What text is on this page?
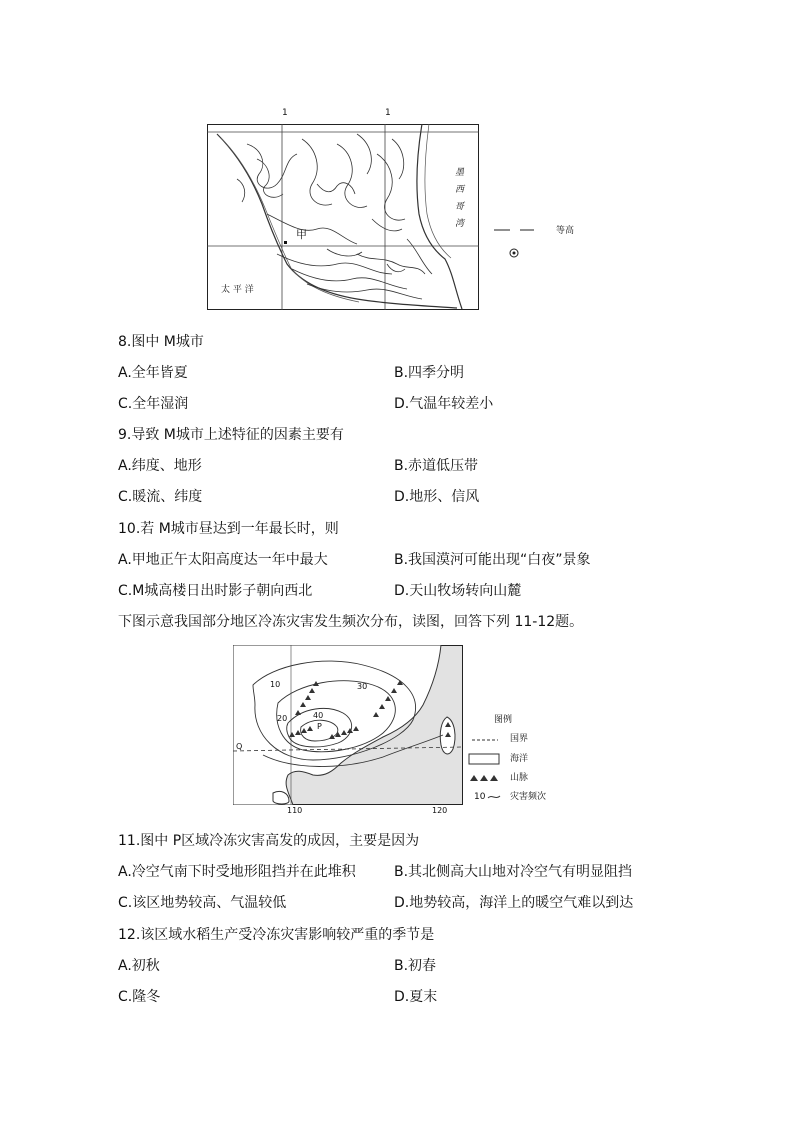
1	1
甲
太 平 洋
墨 西 哥 湾
等高
8.图中 M城市
A.全年皆夏	B.四季分明
C.全年湿润	D.气温年较差小
9.导致 M城市上述特征的因素主要有
A.纬度、地形	B.赤道低压带
C.暖流、纬度	D.地形、信风
10.若 M城市昼达到一年最长时，则
A.甲地正午太阳高度达一年中最大	B.我国漠河可能出现“白夜”景象
C.M城高楼日出时影子朝向西北	D.天山牧场转向山麓
下图示意我国部分地区冷冻灾害发生频次分布，读图，回答下列 11-12题。
10
20
30
40
P
Q
110	120
图例
国界
海洋
山脉
10	灾害频次
11.图中 P区域冷冻灾害高发的成因，主要是因为
A.冷空气南下时受地形阻挡并在此堆积	B.其北侧高大山地对冷空气有明显阻挡
C.该区地势较高、气温较低	D.地势较高，海洋上的暖空气难以到达
12.该区域水稻生产受冷冻灾害影响较严重的季节是
A.初秋	B.初春
C.隆冬	D.夏末
